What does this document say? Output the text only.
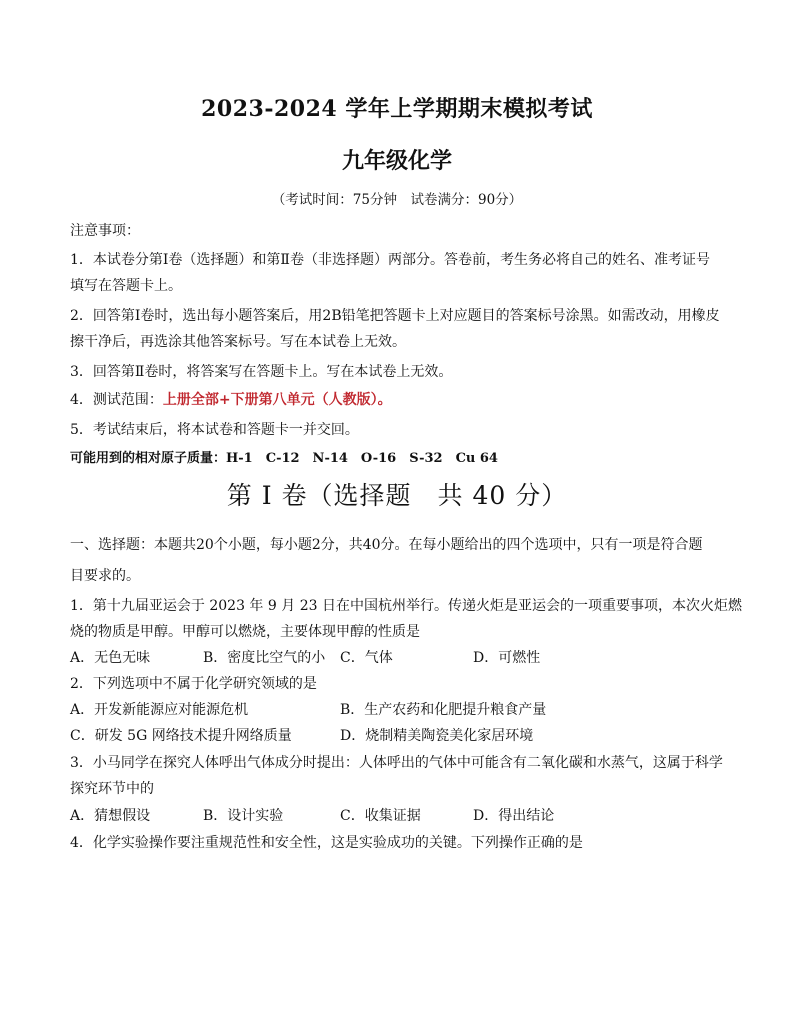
2023-2024 学年上学期期末模拟考试
九年级化学
（考试时间：75分钟　试卷满分：90分）
注意事项：
1．本试卷分第Ⅰ卷（选择题）和第Ⅱ卷（非选择题）两部分。答卷前，考生务必将自己的姓名、准考证号
填写在答题卡上。
2．回答第Ⅰ卷时，选出每小题答案后，用2B铅笔把答题卡上对应题目的答案标号涂黑。如需改动，用橡皮
擦干净后，再选涂其他答案标号。写在本试卷上无效。
3．回答第Ⅱ卷时，将答案写在答题卡上。写在本试卷上无效。
4．测试范围：上册全部+下册第八单元（人教版）。
5．考试结束后，将本试卷和答题卡一并交回。
可能用到的相对原子质量：H-1　C-12　N-14　O-16　S-32　Cu 64
第 I 卷（选择题　共 40 分）
一、选择题：本题共20个小题，每小题2分，共40分。在每小题给出的四个选项中，只有一项是符合题
目要求的。
1．第十九届亚运会于 2023 年 9 月 23 日在中国杭州举行。传递火炬是亚运会的一项重要事项，本次火炬燃
烧的物质是甲醇。甲醇可以燃烧，主要体现甲醇的性质是
A．无色无味	B．密度比空气的小 C．气体	D．可燃性
2．下列选项中不属于化学研究领域的是
A．开发新能源应对能源危机	B．生产农药和化肥提升粮食产量
C．研发 5G 网络技术提升网络质量	D．烧制精美陶瓷美化家居环境
3．小马同学在探究人体呼出气体成分时提出：人体呼出的气体中可能含有二氧化碳和水蒸气，这属于科学
探究环节中的
A．猜想假设	B．设计实验	C．收集证据	D．得出结论
4．化学实验操作要注重规范性和安全性，这是实验成功的关键。下列操作正确的是
